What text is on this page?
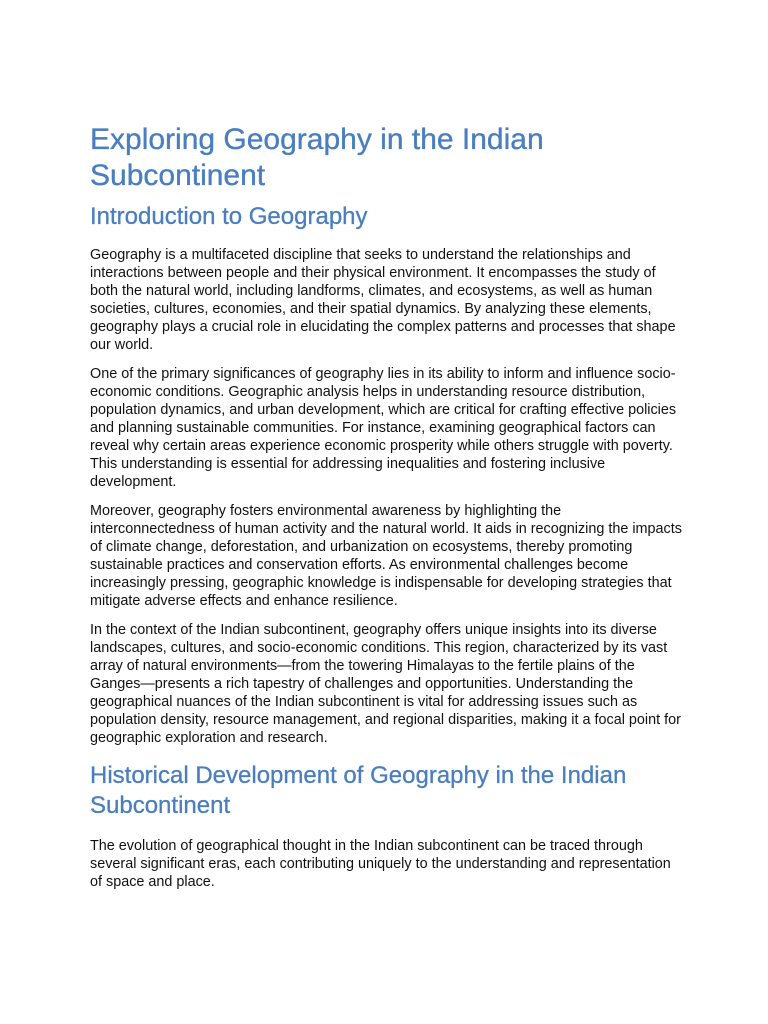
Exploring Geography in the Indian Subcontinent
Introduction to Geography

Geography is a multifaceted discipline that seeks to understand the relationships and interactions between people and their physical environment. It encompasses the study of both the natural world, including landforms, climates, and ecosystems, as well as human societies, cultures, economies, and their spatial dynamics. By analyzing these elements, geography plays a crucial role in elucidating the complex patterns and processes that shape our world.

One of the primary significances of geography lies in its ability to inform and influence socio-economic conditions. Geographic analysis helps in understanding resource distribution, population dynamics, and urban development, which are critical for crafting effective policies and planning sustainable communities. For instance, examining geographical factors can reveal why certain areas experience economic prosperity while others struggle with poverty. This understanding is essential for addressing inequalities and fostering inclusive development.

Moreover, geography fosters environmental awareness by highlighting the interconnectedness of human activity and the natural world. It aids in recognizing the impacts of climate change, deforestation, and urbanization on ecosystems, thereby promoting sustainable practices and conservation efforts. As environmental challenges become increasingly pressing, geographic knowledge is indispensable for developing strategies that mitigate adverse effects and enhance resilience.

In the context of the Indian subcontinent, geography offers unique insights into its diverse landscapes, cultures, and socio-economic conditions. This region, characterized by its vast array of natural environments—from the towering Himalayas to the fertile plains of the Ganges—presents a rich tapestry of challenges and opportunities. Understanding the geographical nuances of the Indian subcontinent is vital for addressing issues such as population density, resource management, and regional disparities, making it a focal point for geographic exploration and research.

Historical Development of Geography in the Indian Subcontinent

The evolution of geographical thought in the Indian subcontinent can be traced through several significant eras, each contributing uniquely to the understanding and representation of space and place.
